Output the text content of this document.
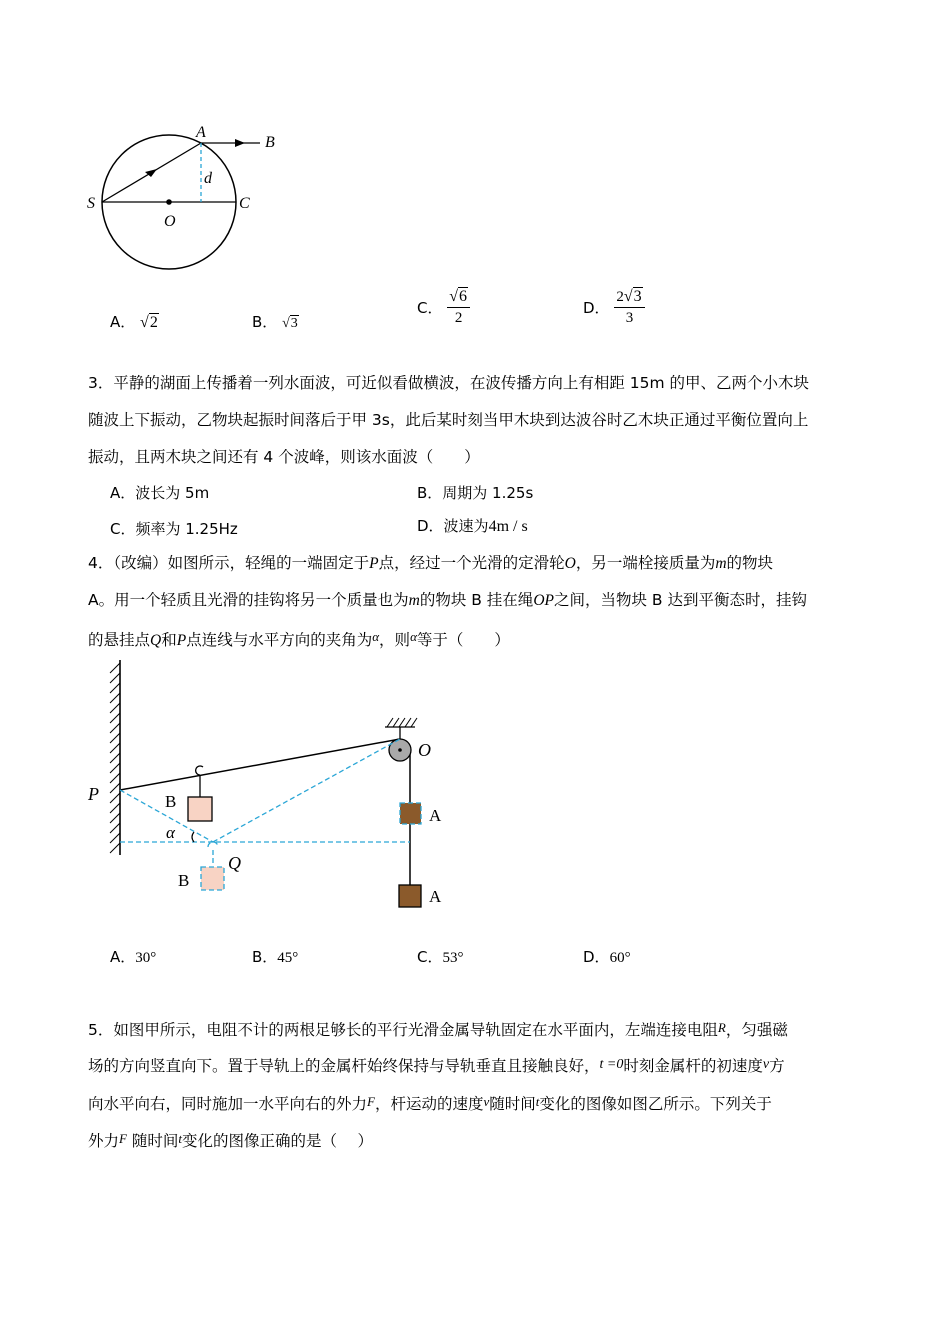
S
A
B
C
O
d
A． √2	B． √3
C． $\frac{√6}{2}$	D． $\frac{2√3}{3}$
3．平静的湖面上传播着一列水面波，可近似看做横波，在波传播方向上有相距 15m 的甲、乙两个小木块
随波上下振动，乙物块起振时间落后于甲 3s，此后某时刻当甲木块到达波谷时乙木块正通过平衡位置向上
振动，且两木块之间还有 4 个波峰，则该水面波（　　）
A．波长为 5m	B．周期为 1.25s
C．频率为 1.25Hz	D．波速为4m / s
4．（改编）如图所示，轻绳的一端固定于P点，经过一个光滑的定滑轮O，另一端栓接质量为m的物块
A。用一个轻质且光滑的挂钩将另一个质量也为m的物块 B 挂在绳OP之间，当物块 B 达到平衡态时，挂钩
的悬挂点Q和P点连线与水平方向的夹角为$^\alpha$，则$^\alpha$等于（　　）
P
O
B
B
Q
A
A
α
A．30°	B．45°	C．53°	D．60°
5．如图甲所示，电阻不计的两根足够长的平行光滑金属导轨固定在水平面内，左端连接电阻R，匀强磁
场的方向竖直向下。置于导轨上的金属杆始终保持与导轨垂直且接触良好，t =0时刻金属杆的初速度v方
向水平向右，同时施加一水平向右的外力F，杆运动的速度v随时间t变化的图像如图乙所示。下列关于
外力F 随时间t变化的图像正确的是（　 ）
